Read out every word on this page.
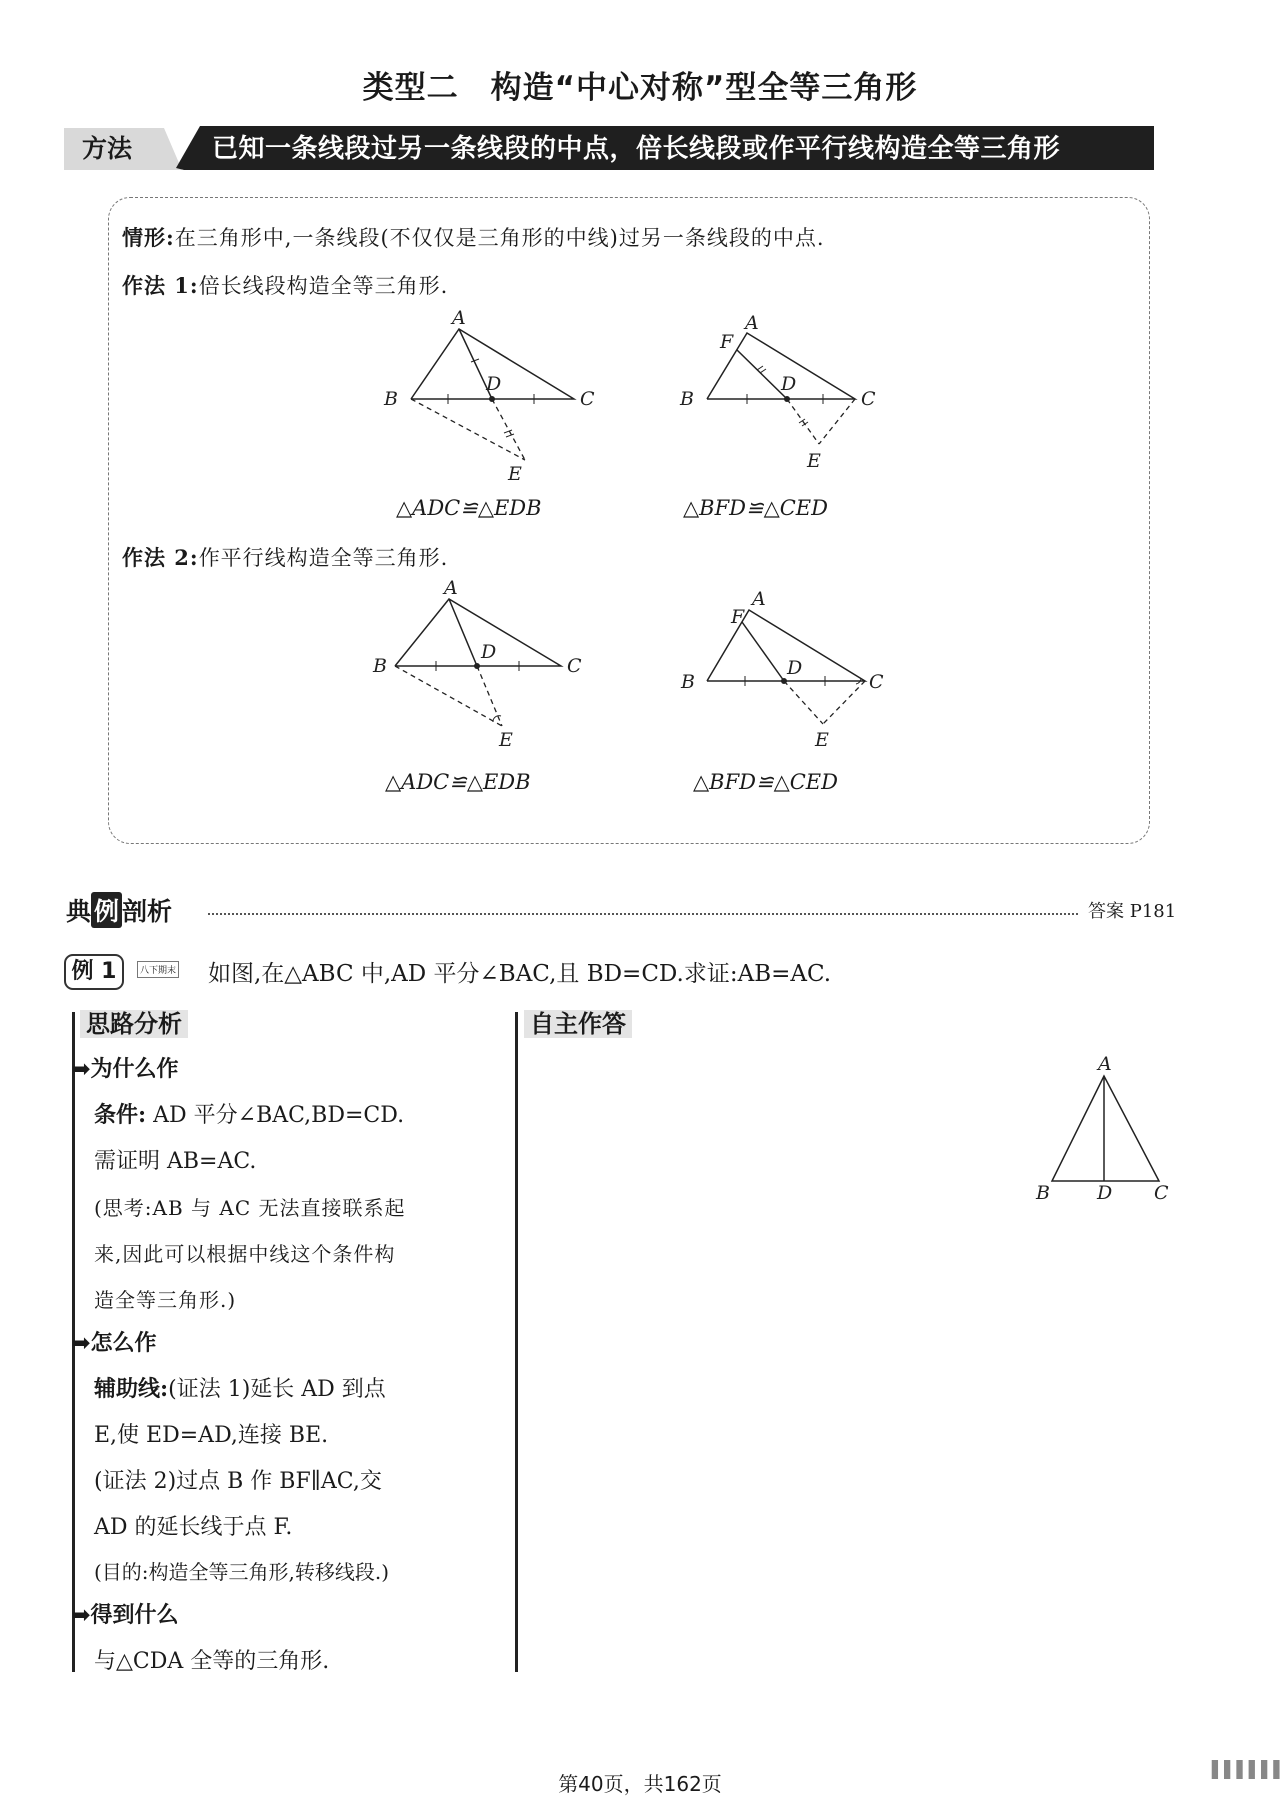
类型二　构造“中心对称”型全等三角形
方法	已知一条线段过另一条线段的中点，倍长线段或作平行线构造全等三角形
情形:在三角形中,一条线段(不仅仅是三角形的中线)过另一条线段的中点.
作法 1:倍长线段构造全等三角形.
A
B	C
D
E
△ADC≌△EDB
A
F
B	C
D
E
△BFD≌△CED
作法 2:作平行线构造全等三角形.
A
B	C
D
E
△ADC≌△EDB
A
F
B	C
D
E
△BFD≌△CED
典 例 剖析	答案 P181
例 1	八下期末 如图,在△ABC 中,AD 平分∠BAC,且 BD=CD.求证:AB=AC.
思路分析
➡为什么作
条件: AD 平分∠BAC,BD=CD.
需证明 AB=AC.
(思考:AB 与 AC 无法直接联系起
来,因此可以根据中线这个条件构
造全等三角形.)
➡怎么作
辅助线:(证法 1)延长 AD 到点
E,使 ED=AD,连接 BE.
(证法 2)过点 B 作 BF∥AC,交
AD 的延长线于点 F.
(目的:构造全等三角形,转移线段.)
➡得到什么
与△CDA 全等的三角形.
自主作答
A
B D C
第40页，共162页
▌▌▌▌▌▌
